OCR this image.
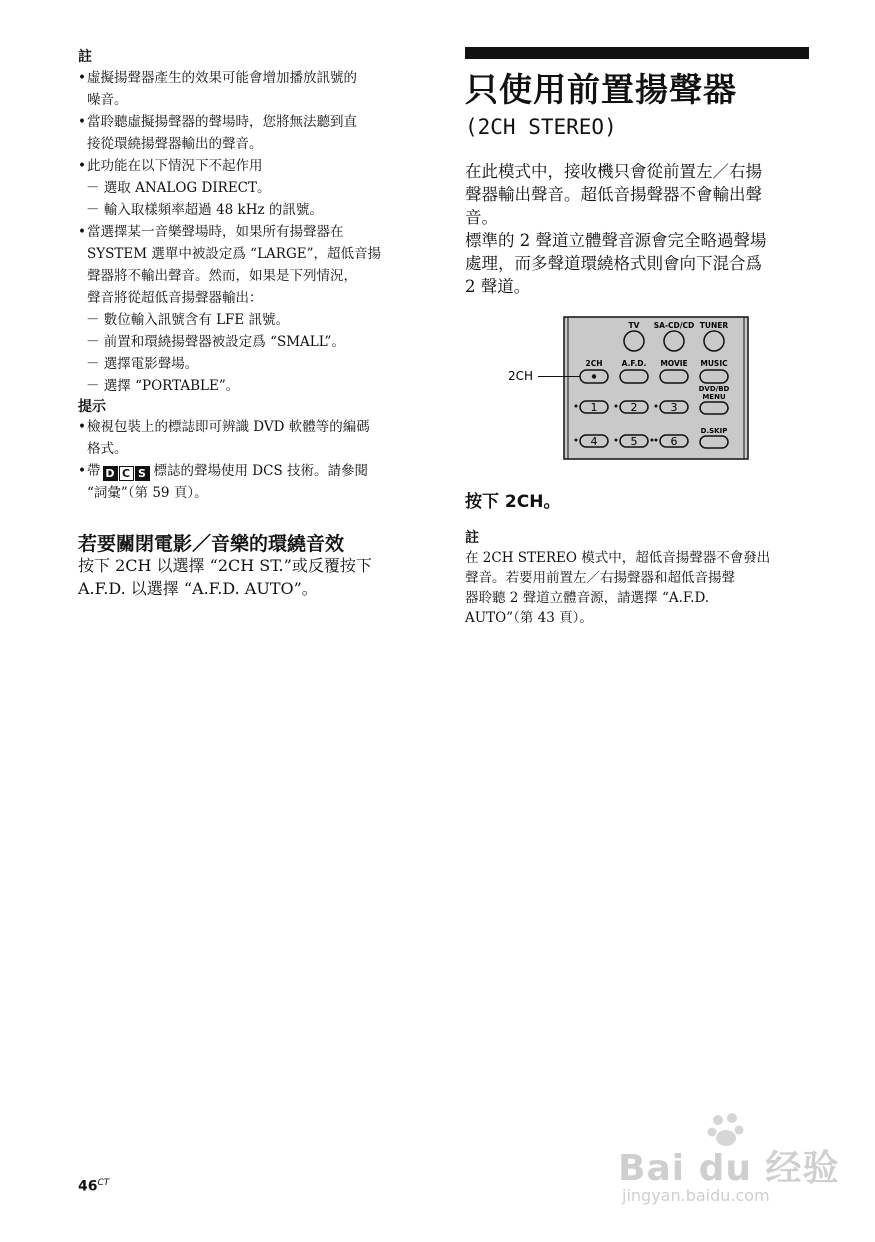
註
• 虛擬揚聲器產生的效果可能會增加播放訊號的
噪音。
• 當聆聽虛擬揚聲器的聲場時，您將無法聽到直
接從環繞揚聲器輸出的聲音。
• 此功能在以下情況下不起作用
－ 選取 ANALOG DIRECT。
－ 輸入取樣頻率超過 48 kHz 的訊號。
• 當選擇某一音樂聲場時，如果所有揚聲器在
SYSTEM 選單中被設定爲 “LARGE”，超低音揚
聲器將不輸出聲音。然而，如果是下列情況，
聲音將從超低音揚聲器輸出：
－ 數位輸入訊號含有 LFE 訊號。
－ 前置和環繞揚聲器被設定爲 “SMALL”。
－ 選擇電影聲場。
－ 選擇 “PORTABLE”。
提示
• 檢視包裝上的標誌即可辨識 DVD 軟體等的編碼
格式。
• 帶 D C S 標誌的聲場使用 DCS 技術。請參閱
“詞彙”（第 59 頁）。
若要關閉電影／音樂的環繞音效
按下 2CH 以選擇 “2CH ST.”或反覆按下
A.F.D. 以選擇 “A.F.D. AUTO”。
只使用前置揚聲器
(2CH STEREO)
在此模式中，接收機只會從前置左／右揚
聲器輸出聲音。超低音揚聲器不會輸出聲
音。
標準的 2 聲道立體聲音源會完全略過聲場
處理，而多聲道環繞格式則會向下混合爲
2 聲道。
TV SA-CD/CD TUNER
2CH	A.F.D. MOVIE MUSIC
2CH
DVD/BD
MENU
1	2	3
D.SKIP
4	5	6
按下 2CH。
註
在 2CH STEREO 模式中，超低音揚聲器不會發出
聲音。若要用前置左／右揚聲器和超低音揚聲
器聆聽 2 聲道立體音源，請選擇 “A.F.D.
AUTO”（第 43 頁）。
$46^{CT}$	Bai du 经验
jingyan.baidu.com
